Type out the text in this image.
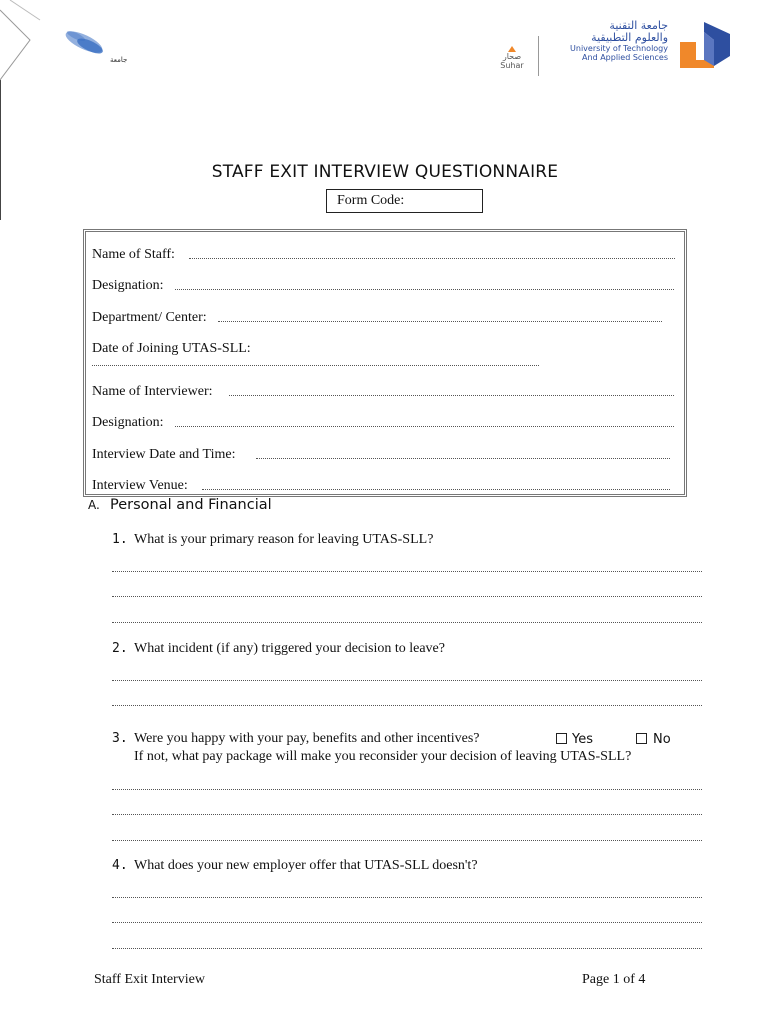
جامعة	صحار
Suhar
جامعة التقنية
والعلوم التطبيقية
University of Technology
And Applied Sciences
STAFF EXIT INTERVIEW QUESTIONNAIRE
Form Code:
Name of Staff:
Designation:
Department/ Center:
Date of Joining UTAS-SLL:
Name of Interviewer:
Designation:
Interview Date and Time:
Interview Venue:
A. Personal and Financial
1. What is your primary reason for leaving UTAS-SLL?
2. What incident (if any) triggered your decision to leave?
3. Were you happy with your pay, benefits and other incentives?	Yes	No
If not, what pay package will make you reconsider your decision of leaving UTAS-SLL?
4. What does your new employer offer that UTAS-SLL doesn't?
Staff Exit Interview	Page 1 of 4
